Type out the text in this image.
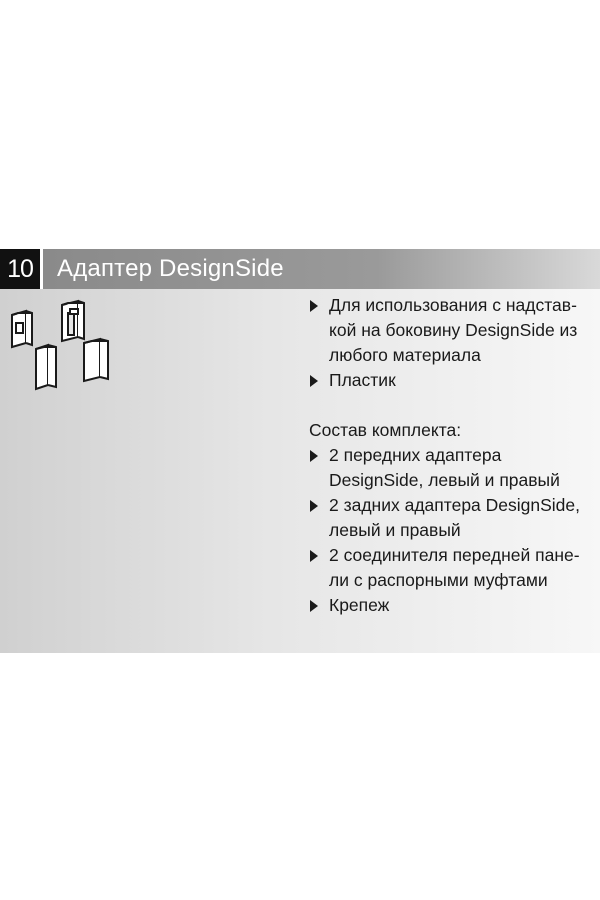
10	Адаптер DesignSide
Для использования с надстав-
кой на боковину DesignSide из
любого материала
Пластик
Состав комплекта:
2 передних адаптера
DesignSide, левый и правый
2 задних адаптера DesignSide,
левый и правый
2 соединителя передней пане-
ли с распорными муфтами
Крепеж
